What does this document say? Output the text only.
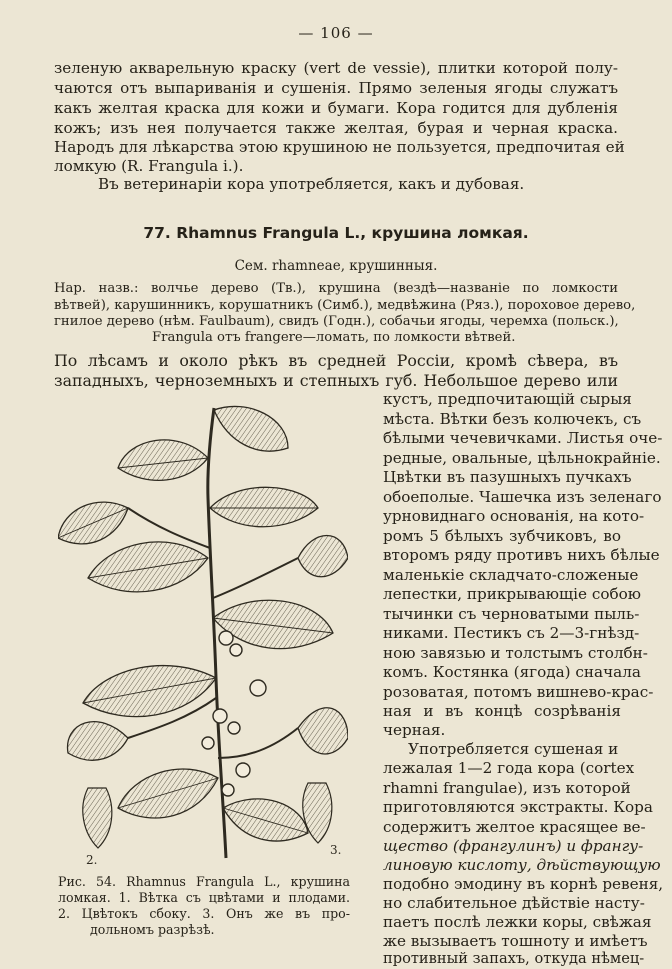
— 106 —
зеленую акварельную краску (vert de vessie), плитки которой полу-
чаются отъ выпариванія и сушенія. Прямо зеленыя ягоды служатъ
какъ желтая краска для кожи и бумаги. Кора годится для дубленія
кожъ; изъ нея получается также желтая, бурая и черная краска.
Народъ для лѣкарства этою крушиною не пользуется, предпочитая ей
ломкую (R. Frangula i.).
Въ ветеринаріи кора употребляется, какъ и дубовая.
77. Rhamnus Frangula L., крушина ломкая.
Сем. rhamneae, крушинныя.
Нар. назв.: волчье дерево (Тв.), крушина (вездѣ—названіе по ломкости
вѣтвей), карушинникъ, корушатникъ (Симб.), медвѣжина (Ряз.), пороховое дерево,
гнилое дерево (нѣм. Faulbaum), свидъ (Годн.), собачьи ягоды, черемха (польск.),
Frangula отъ frangere—ломать, по ломкости вѣтвей.
По лѣсамъ и около рѣкъ въ средней Россіи, кромѣ сѣвера, въ
западныхъ, черноземныхъ и степныхъ губ. Небольшое дерево или
кустъ, предпочитающій сырыя
мѣста. Вѣтки безъ колючекъ, съ
бѣлыми чечевичками. Листья оче-
редные, овальные, цѣльнокрайніе.
Цвѣтки въ пазушныхъ пучкахъ
обоеполые. Чашечка изъ зеленаго
урновиднаго основанія, на кото-
ромъ 5 бѣлыхъ зубчиковъ, во
второмъ ряду противъ нихъ бѣлые
маленькіе складчато-сложеные
лепестки, прикрывающіе собою
тычинки съ черноватыми пыль-
никами. Пестикъ съ 2—3-гнѣзд-
ною завязью и толстымъ столбн-
комъ. Костянка (ягода) сначала
розоватая, потомъ вишнево-крас-
ная и въ концѣ созрѣванія
черная.
Употребляется сушеная и
лежалая 1—2 года кора (cortex
rhamni frangulae), изъ которой
приготовляются экстракты. Кора
содержитъ желтое красящее ве-
щество (франгулинъ) и франгу-
линовую кислоту, дѣйствующую
подобно эмодину въ корнѣ ревеня,
но слабительное дѣйствіе насту-
паетъ послѣ лежки коры, свѣжая
же вызываетъ тошноту и имѣетъ
противный запахъ, откуда нѣмец-
2.
3.
Рис. 54. Rhamnus Frangula L., крушина
ломкая. 1. Вѣтка съ цвѣтами и плодами.
2. Цвѣтокъ сбоку. 3. Онъ же въ про-
дольномъ разрѣзѣ.
